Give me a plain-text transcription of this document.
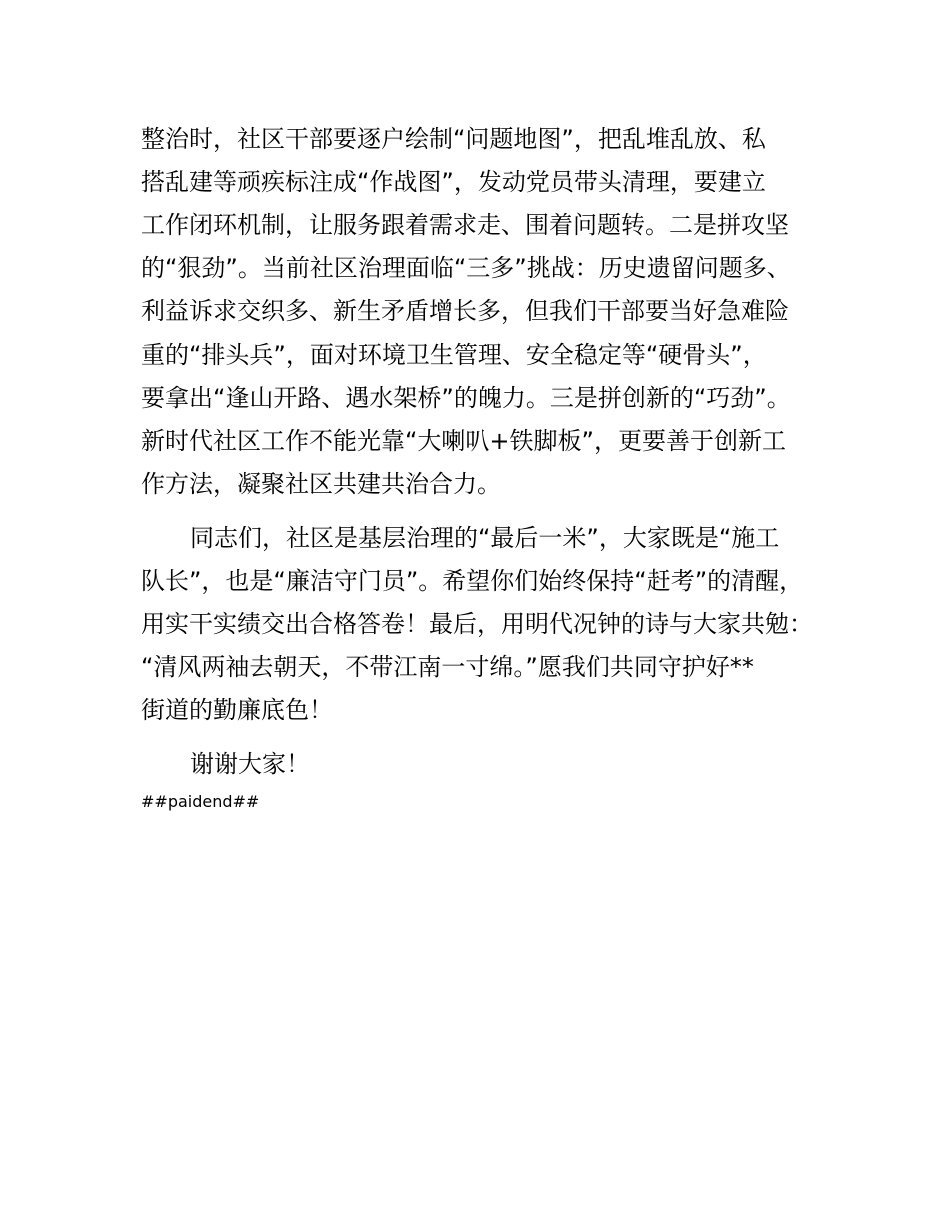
整治时，社区干部要逐户绘制“问题地图”，把乱堆乱放、私

搭乱建等顽疾标注成“作战图”，发动党员带头清理，要建立

工作闭环机制，让服务跟着需求走、围着问题转。二是拼攻坚

的“狠劲”。当前社区治理面临“三多”挑战：历史遗留问题多、

利益诉求交织多、新生矛盾增长多，但我们干部要当好急难险

重的“排头兵”，面对环境卫生管理、安全稳定等“硬骨头”，

要拿出“逢山开路、遇水架桥”的魄力。三是拼创新的“巧劲”。

新时代社区工作不能光靠“大喇叭+铁脚板”，更要善于创新工

作方法，凝聚社区共建共治合力。

同志们，社区是基层治理的“最后一米”，大家既是“施工

队长”，也是“廉洁守门员”。希望你们始终保持“赶考”的清醒，

用实干实绩交出合格答卷！最后，用明代况钟的诗与大家共勉：

“清风两袖去朝天，不带江南一寸绵。”愿我们共同守护好**

街道的勤廉底色！

谢谢大家！

##paidend##
